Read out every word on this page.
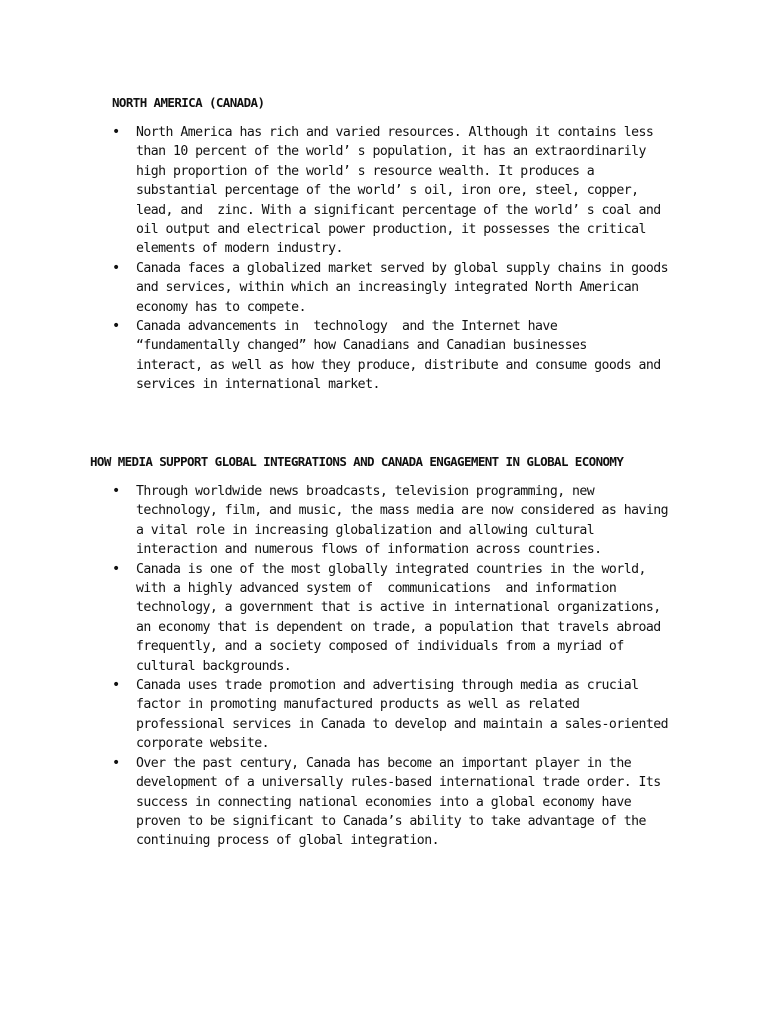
NORTH AMERICA (CANADA)
• North America has rich and varied resources. Although it contains less
than 10 percent of the world’ s population, it has an extraordinarily
high proportion of the world’ s resource wealth. It produces a
substantial percentage of the world’ s oil, iron ore, steel, copper,
lead, and  zinc. With a significant percentage of the world’ s coal and
oil output and electrical power production, it possesses the critical
elements of modern industry.
• Canada faces a globalized market served by global supply chains in goods
and services, within which an increasingly integrated North American
economy has to compete.
• Canada advancements in  technology  and the Internet have
“fundamentally changed” how Canadians and Canadian businesses
interact, as well as how they produce, distribute and consume goods and
services in international market.
HOW MEDIA SUPPORT GLOBAL INTEGRATIONS AND CANADA ENGAGEMENT IN GLOBAL ECONOMY
• Through worldwide news broadcasts, television programming, new
technology, film, and music, the mass media are now considered as having
a vital role in increasing globalization and allowing cultural
interaction and numerous flows of information across countries.
• Canada is one of the most globally integrated countries in the world,
with a highly advanced system of  communications  and information
technology, a government that is active in international organizations,
an economy that is dependent on trade, a population that travels abroad
frequently, and a society composed of individuals from a myriad of
cultural backgrounds.
• Canada uses trade promotion and advertising through media as crucial
factor in promoting manufactured products as well as related
professional services in Canada to develop and maintain a sales-oriented
corporate website.
• Over the past century, Canada has become an important player in the
development of a universally rules-based international trade order. Its
success in connecting national economies into a global economy have
proven to be significant to Canada’s ability to take advantage of the
continuing process of global integration.
